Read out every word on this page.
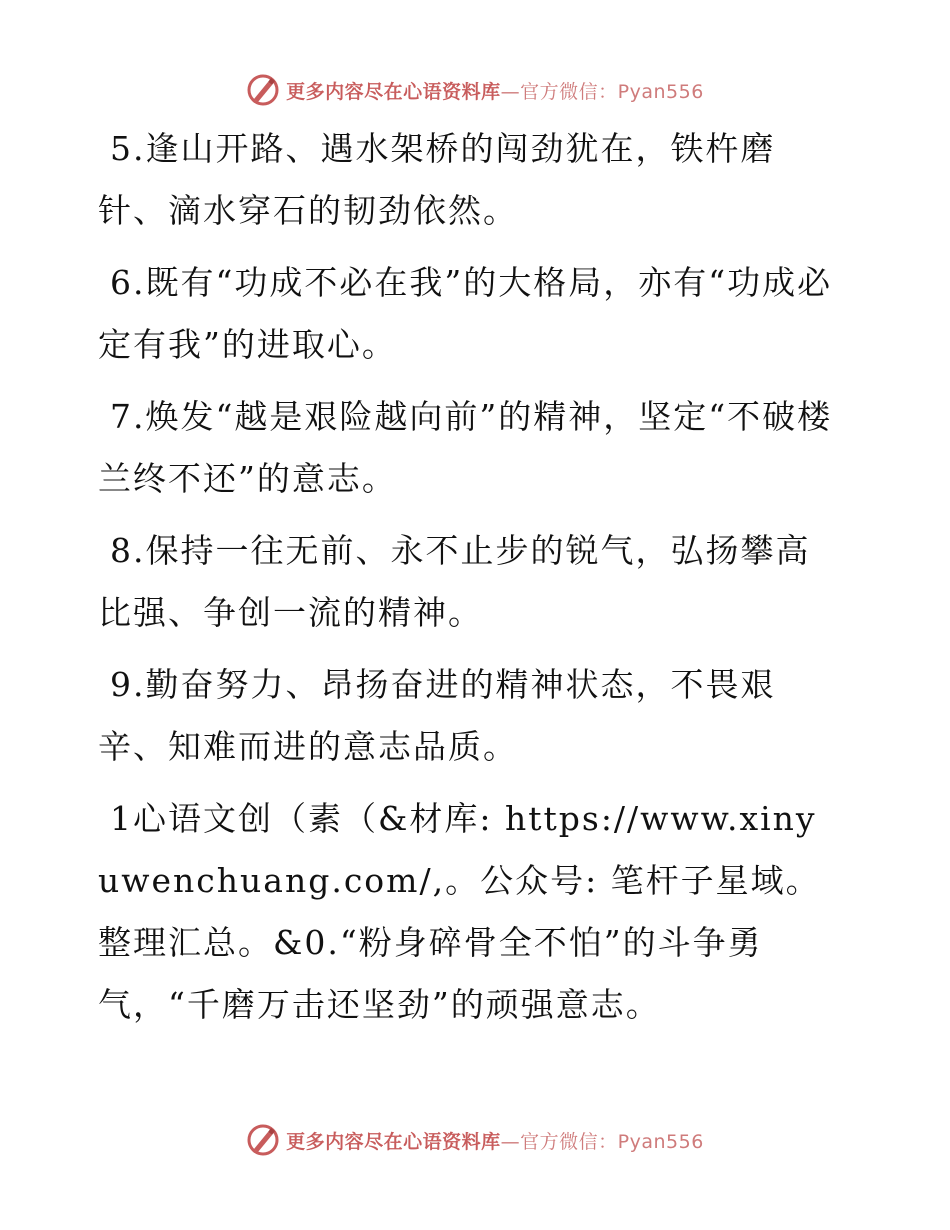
更多内容尽在心语资料库—官方微信：Pyan556

5.逢山开路、遇水架桥的闯劲犹在，铁杵磨针、滴水穿石的韧劲依然。

6.既有“功成不必在我”的大格局，亦有“功成必定有我”的进取心。

7.焕发“越是艰险越向前”的精神，坚定“不破楼兰终不还”的意志。

8.保持一往无前、永不止步的锐气，弘扬攀高比强、争创一流的精神。

9.勤奋努力、昂扬奋进的精神状态，不畏艰辛、知难而进的意志品质。

1心语文创（素（&材库: https://www.xinyuwenchuang.com/,。公众号: 笔杆子星域。整理汇总。&0.“粉身碎骨全不怕”的斗争勇气，“千磨万击还坚劲”的顽强意志。

更多内容尽在心语资料库—官方微信：Pyan556
